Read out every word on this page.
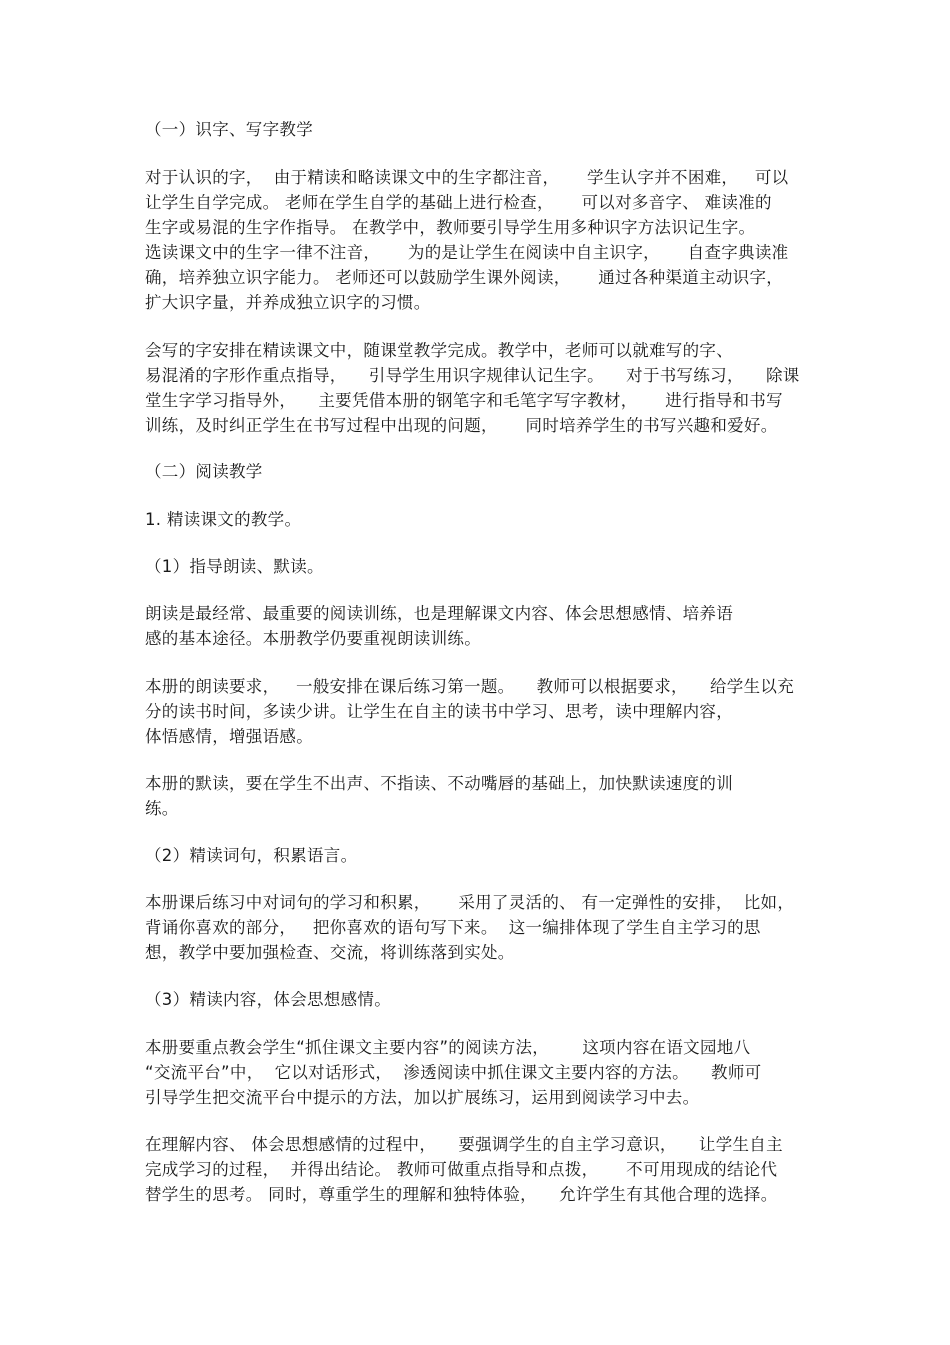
（一）识字、写字教学
对于认识的字，  由于精读和略读课文中的生字都注音，     学生认字并不困难，   可以
让学生自学完成。 老师在学生自学的基础上进行检查，     可以对多音字、 难读准的
生字或易混的生字作指导。 在教学中，教师要引导学生用多种识字方法识记生字。
选读课文中的生字一律不注音，     为的是让学生在阅读中自主识字，     自查字典读准
确，培养独立识字能力。 老师还可以鼓励学生课外阅读，     通过各种渠道主动识字，
扩大识字量，并养成独立识字的习惯。
会写的字安排在精读课文中，随课堂教学完成。教学中，老师可以就难写的字、
易混淆的字形作重点指导，    引导学生用识字规律认记生字。    对于书写练习，    除课
堂生字学习指导外，    主要凭借本册的钢笔字和毛笔字写字教材，     进行指导和书写
训练，及时纠正学生在书写过程中出现的问题，     同时培养学生的书写兴趣和爱好。
（二）阅读教学
1. 精读课文的教学。
（1）指导朗读、默读。
朗读是最经常、最重要的阅读训练，也是理解课文内容、体会思想感情、培养语
感的基本途径。本册教学仍要重视朗读训练。
本册的朗读要求，   一般安排在课后练习第一题。    教师可以根据要求，    给学生以充
分的读书时间，多读少讲。让学生在自主的读书中学习、思考，读中理解内容，
体悟感情，增强语感。
本册的默读，要在学生不出声、不指读、不动嘴唇的基础上，加快默读速度的训
练。
（2）精读词句，积累语言。
本册课后练习中对词句的学习和积累，     采用了灵活的、 有一定弹性的安排，  比如，
背诵你喜欢的部分，   把你喜欢的语句写下来。  这一编排体现了学生自主学习的思
想，教学中要加强检查、交流，将训练落到实处。
（3）精读内容，体会思想感情。
本册要重点教会学生“抓住课文主要内容”的阅读方法，      这项内容在语文园地八
“交流平台”中，  它以对话形式，  渗透阅读中抓住课文主要内容的方法。    教师可
引导学生把交流平台中提示的方法，加以扩展练习，运用到阅读学习中去。
在理解内容、 体会思想感情的过程中，    要强调学生的自主学习意识，    让学生自主
完成学习的过程，  并得出结论。 教师可做重点指导和点拨，     不可用现成的结论代
替学生的思考。 同时，尊重学生的理解和独特体验，    允许学生有其他合理的选择。
